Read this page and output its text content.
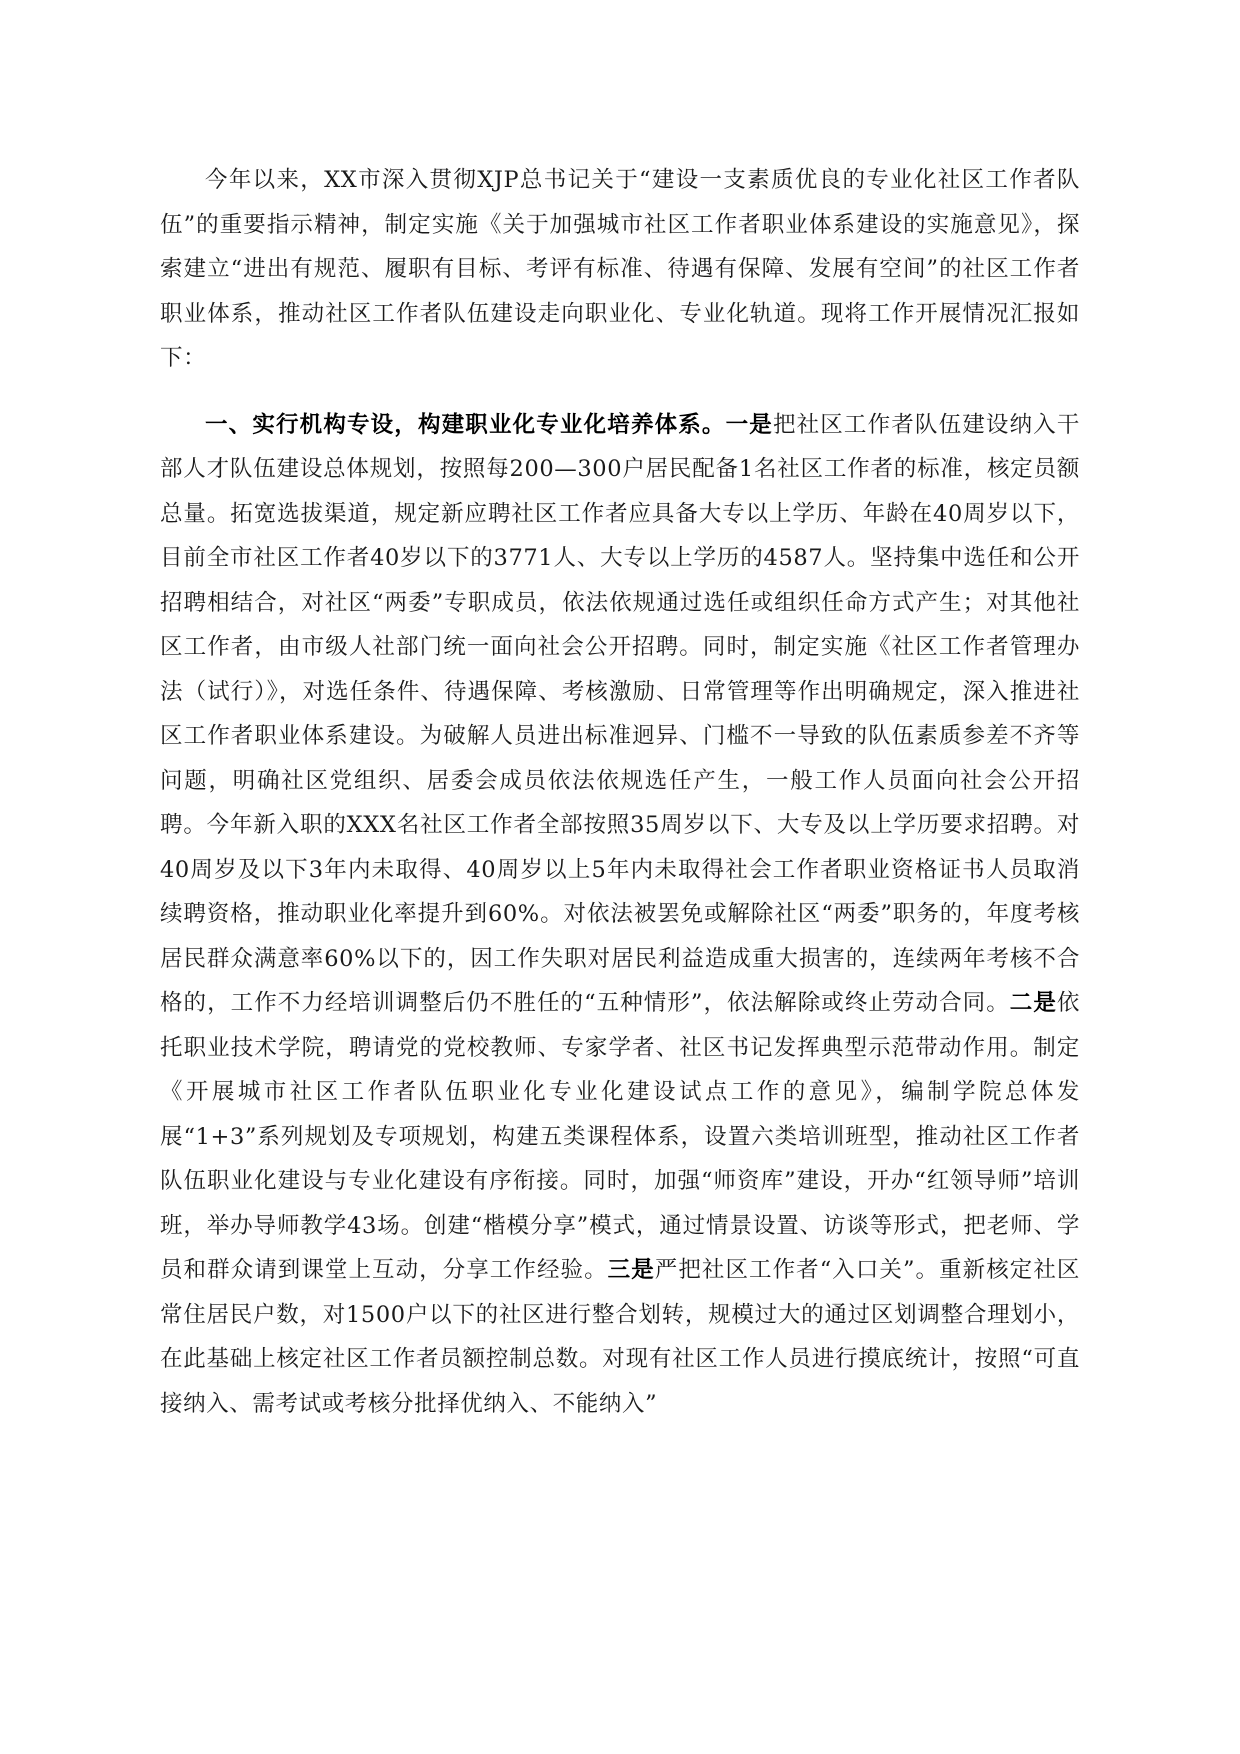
今年以来，XX市深入贯彻XJP总书记关于“建设一支素质优良的专业化社区工作者队伍”的重要指示精神，制定实施《关于加强城市社区工作者职业体系建设的实施意见》，探索建立“进出有规范、履职有目标、考评有标准、待遇有保障、发展有空间”的社区工作者职业体系，推动社区工作者队伍建设走向职业化、专业化轨道。现将工作开展情况汇报如下：

一、实行机构专设，构建职业化专业化培养体系。一是把社区工作者队伍建设纳入干部人才队伍建设总体规划，按照每200—300户居民配备1名社区工作者的标准，核定员额总量。拓宽选拔渠道，规定新应聘社区工作者应具备大专以上学历、年龄在40周岁以下，目前全市社区工作者40岁以下的3771人、大专以上学历的4587人。坚持集中选任和公开招聘相结合，对社区“两委”专职成员，依法依规通过选任或组织任命方式产生；对其他社区工作者，由市级人社部门统一面向社会公开招聘。同时，制定实施《社区工作者管理办法（试行）》，对选任条件、待遇保障、考核激励、日常管理等作出明确规定，深入推进社区工作者职业体系建设。为破解人员进出标准迥异、门槛不一导致的队伍素质参差不齐等问题，明确社区党组织、居委会成员依法依规选任产生，一般工作人员面向社会公开招聘。今年新入职的XXX名社区工作者全部按照35周岁以下、大专及以上学历要求招聘。对40周岁及以下3年内未取得、40周岁以上5年内未取得社会工作者职业资格证书人员取消续聘资格，推动职业化率提升到60%。对依法被罢免或解除社区“两委”职务的，年度考核居民群众满意率60%以下的，因工作失职对居民利益造成重大损害的，连续两年考核不合格的，工作不力经培训调整后仍不胜任的“五种情形”，依法解除或终止劳动合同。二是依托职业技术学院，聘请党的党校教师、专家学者、社区书记发挥典型示范带动作用。制定《开展城市社区工作者队伍职业化专业化建设试点工作的意见》，编制学院总体发展“1+3”系列规划及专项规划，构建五类课程体系，设置六类培训班型，推动社区工作者队伍职业化建设与专业化建设有序衔接。同时，加强“师资库”建设，开办“红领导师”培训班，举办导师教学43场。创建“楷模分享”模式，通过情景设置、访谈等形式，把老师、学员和群众请到课堂上互动，分享工作经验。三是严把社区工作者“入口关”。重新核定社区常住居民户数，对1500户以下的社区进行整合划转，规模过大的通过区划调整合理划小，在此基础上核定社区工作者员额控制总数。对现有社区工作人员进行摸底统计，按照“可直接纳入、需考试或考核分批择优纳入、不能纳入”
